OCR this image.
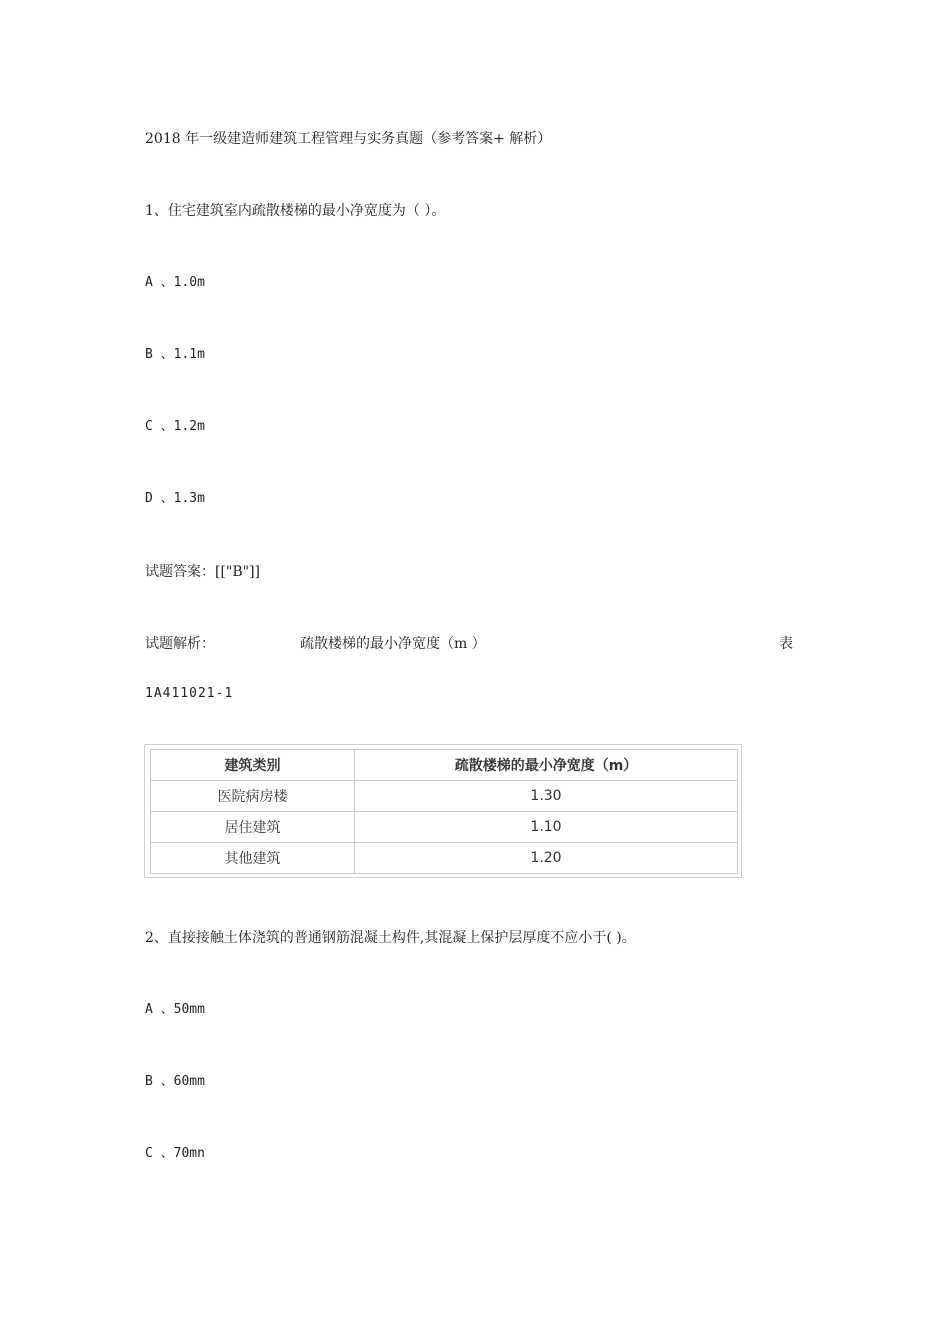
2018 年一级建造师建筑工程管理与实务真题（参考答案+ 解析）
1、住宅建筑室内疏散楼梯的最小净宽度为（ ）。
A 、1.0m
B 、1.1m
C 、1.2m
D 、1.3m
试题答案：[["B"]]
试题解析：	疏散楼梯的最小净宽度（m ）	表
1A411021-1
建筑类别	疏散楼梯的最小净宽度（m）
医院病房楼	1.30
居住建筑	1.10
其他建筑	1.20
2、直接接触土体浇筑的普通钢筋混凝土构件,其混凝上保护层厚度不应小于( )。
A 、50mm
B 、60mm
C 、70mn
